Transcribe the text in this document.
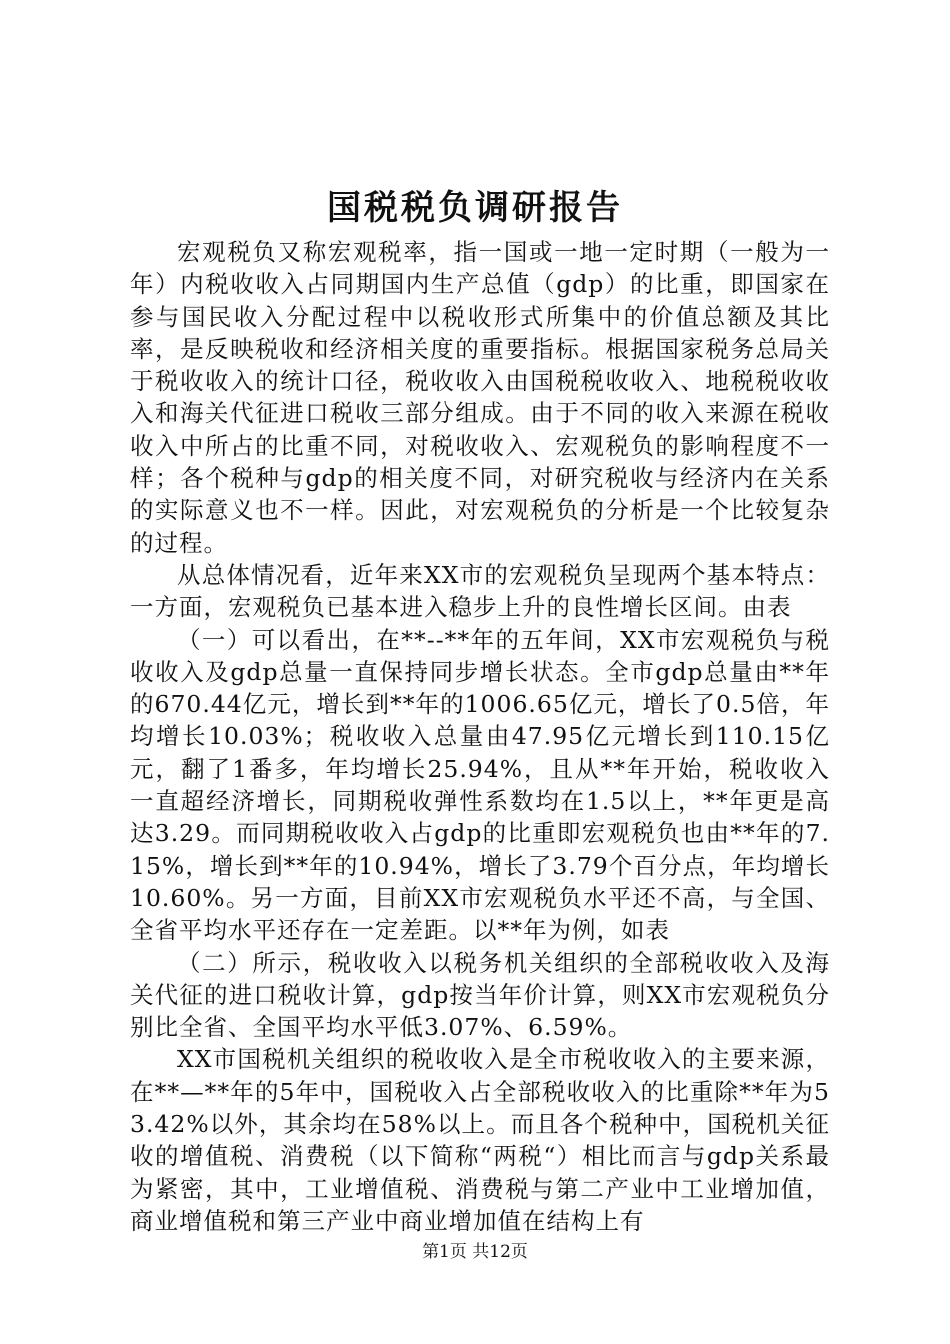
国税税负调研报告

宏观税负又称宏观税率，指一国或一地一定时期（一般为一年）内税收收入占同期国内生产总值（gdp）的比重，即国家在参与国民收入分配过程中以税收形式所集中的价值总额及其比率，是反映税收和经济相关度的重要指标。根据国家税务总局关于税收收入的统计口径，税收收入由国税税收收入、地税税收收入和海关代征进口税收三部分组成。由于不同的收入来源在税收收入中所占的比重不同，对税收收入、宏观税负的影响程度不一样；各个税种与gdp的相关度不同，对研究税收与经济内在关系的实际意义也不一样。因此，对宏观税负的分析是一个比较复杂的过程。

从总体情况看，近年来XX市的宏观税负呈现两个基本特点：一方面，宏观税负已基本进入稳步上升的良性增长区间。由表

（一）可以看出，在**--**年的五年间，XX市宏观税负与税收收入及gdp总量一直保持同步增长状态。全市gdp总量由**年的670.44亿元，增长到**年的1006.65亿元，增长了0.5倍，年均增长10.03%；税收收入总量由47.95亿元增长到110.15亿元，翻了1番多，年均增长25.94%，且从**年开始，税收收入一直超经济增长，同期税收弹性系数均在1.5以上，**年更是高达3.29。而同期税收收入占gdp的比重即宏观税负也由**年的7.15%，增长到**年的10.94%，增长了3.79个百分点，年均增长10.60%。另一方面，目前XX市宏观税负水平还不高，与全国、全省平均水平还存在一定差距。以**年为例，如表

（二）所示，税收收入以税务机关组织的全部税收收入及海关代征的进口税收计算，gdp按当年价计算，则XX市宏观税负分别比全省、全国平均水平低3.07%、6.59%。

XX市国税机关组织的税收收入是全市税收收入的主要来源，在**—**年的5年中，国税收入占全部税收收入的比重除**年为53.42%以外，其余均在58%以上。而且各个税种中，国税机关征收的增值税、消费税（以下简称“两税“）相比而言与gdp关系最为紧密，其中，工业增值税、消费税与第二产业中工业增加值，商业增值税和第三产业中商业增加值在结构上有

第1页 共12页
